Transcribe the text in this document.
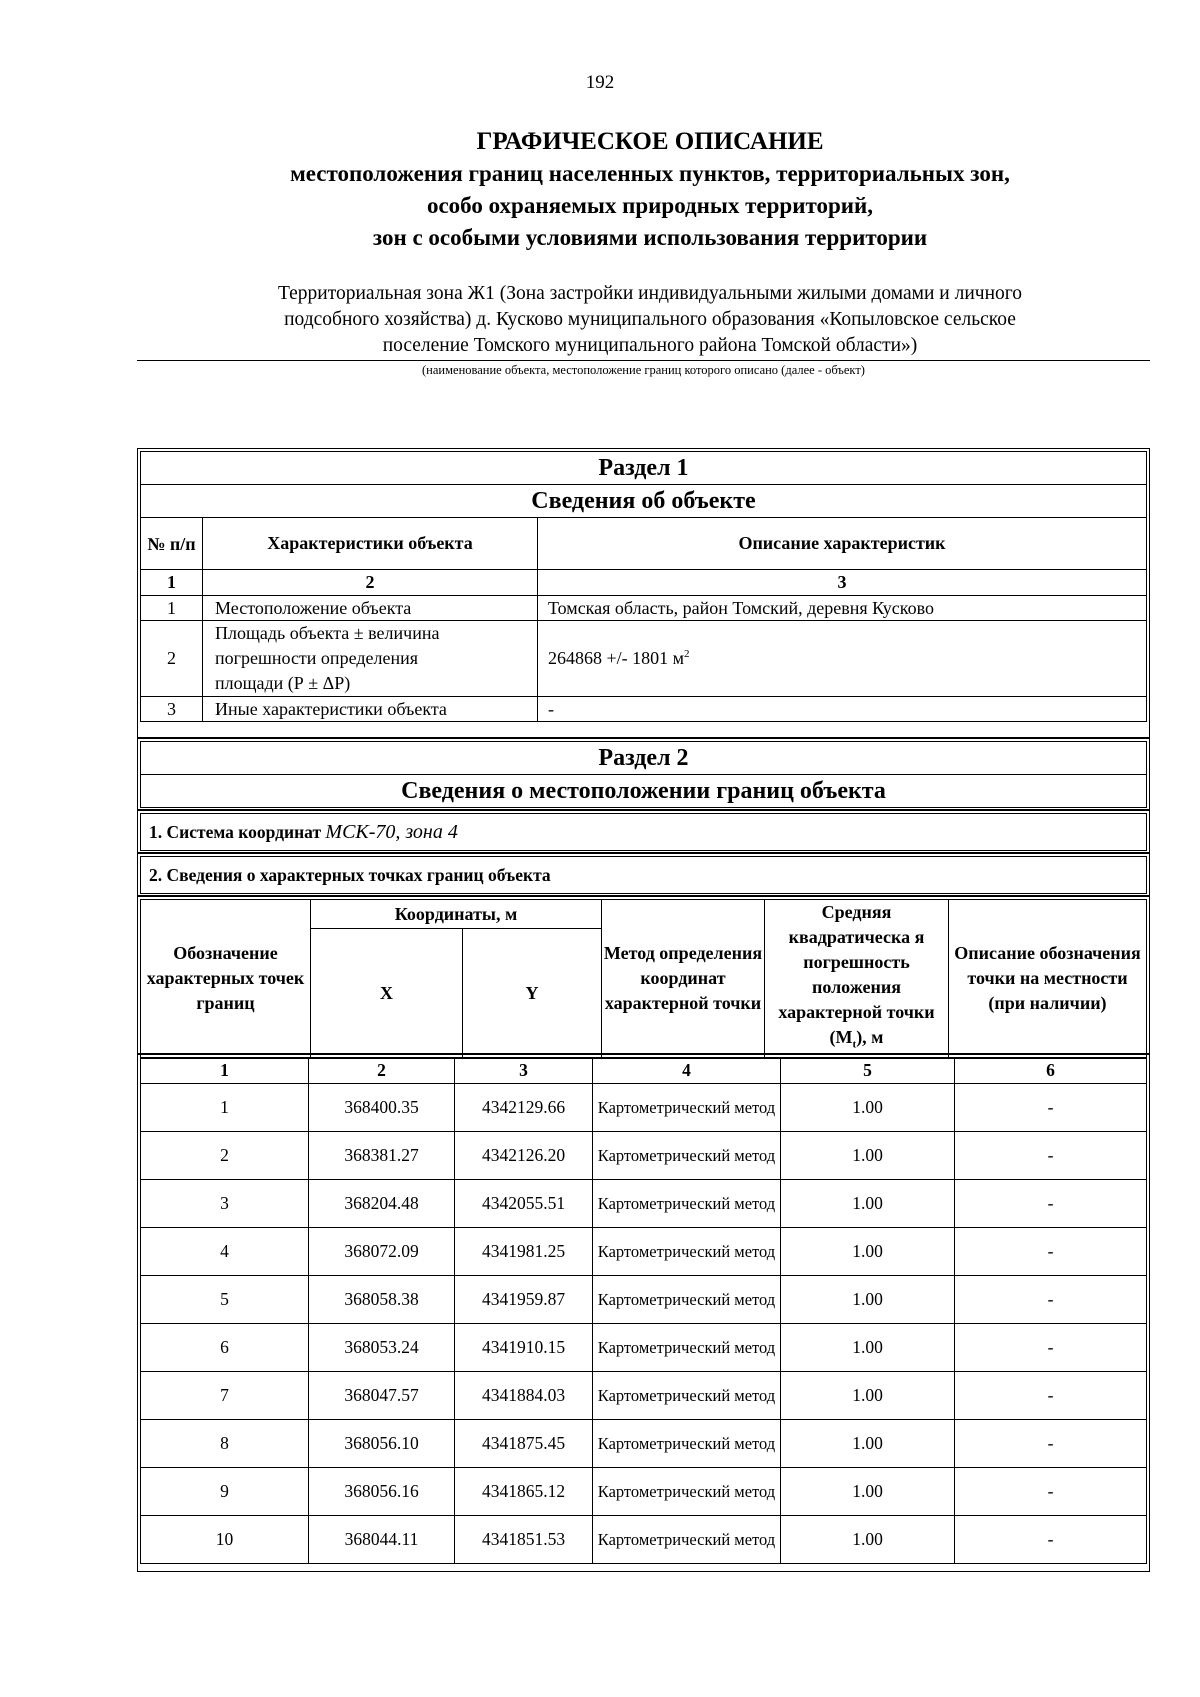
192
ГРАФИЧЕСКОЕ ОПИСАНИЕ
местоположения границ населенных пунктов, территориальных зон,
особо охраняемых природных территорий,
зон с особыми условиями использования территории
Территориальная зона Ж1 (Зона застройки индивидуальными жилыми домами и личного
подсобного хозяйства) д. Кусково муниципального образования «Копыловское сельское
поселение Томского муниципального района Томской области»)
(наименование объекта, местоположение границ которого описано (далее - объект)
Раздел 1		
Сведения об объекте		
№ п/п	Характеристики объекта	Описание характеристик
1	2	3
1	Местоположение объекта	Томская область, район Томский, деревня Кусково
2	Площадь объекта ± величина
погрешности определения
площади (Р ± ΔР)	264868 +/- 1801 $м^2$
3	Иные характеристики объекта	-
Раздел 2
Сведения о местоположении границ объекта
1. Система координат МСК-70, зона 4
2. Сведения о характерных точках границ объекта
Обозначение характерных точек границ	Координаты, м		Метод определения координат характерной точки	Средняя квадратическа я погрешность положения характерной точки $(M_t)$, м	Описание обозначения точки на местности (при наличии)
	X	Y			
1	2	3	4	5	6
1	368400.35	4342129.66	Картометрический метод	1.00	-
2	368381.27	4342126.20	Картометрический метод	1.00	-
3	368204.48	4342055.51	Картометрический метод	1.00	-
4	368072.09	4341981.25	Картометрический метод	1.00	-
5	368058.38	4341959.87	Картометрический метод	1.00	-
6	368053.24	4341910.15	Картометрический метод	1.00	-
7	368047.57	4341884.03	Картометрический метод	1.00	-
8	368056.10	4341875.45	Картометрический метод	1.00	-
9	368056.16	4341865.12	Картометрический метод	1.00	-
10	368044.11	4341851.53	Картометрический метод	1.00	-
